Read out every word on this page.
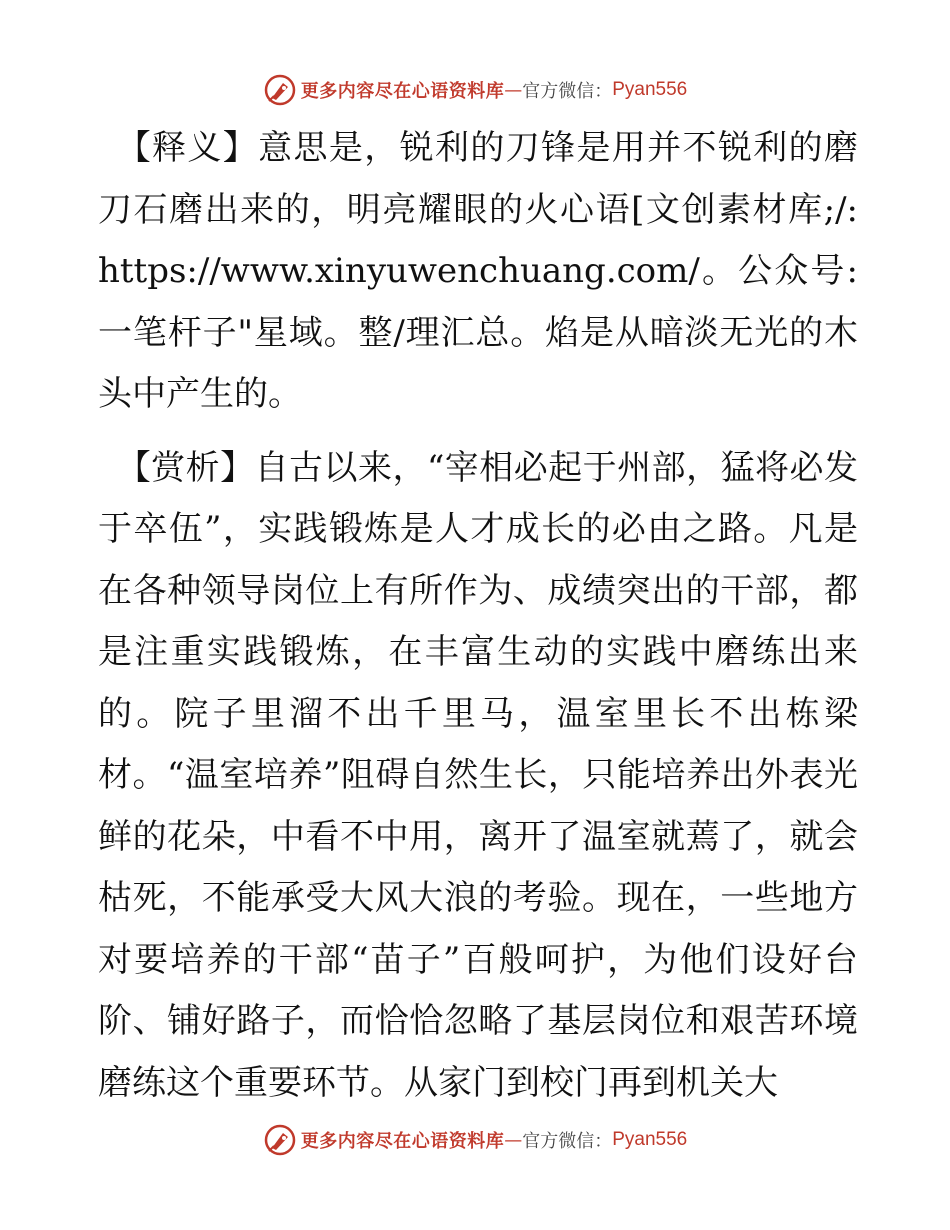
更多内容尽在心语资料库 — 官方微信： Pyan556

【释义】意思是，锐利的刀锋是用并不锐利的磨刀石磨出来的，明亮耀眼的火心语[文创素材库;/: https://www.xinyuwenchuang.com/。公众号: 一笔杆子"星域。整/理汇总。焰是从暗淡无光的木头中产生的。

【赏析】自古以来，“宰相必起于州部，猛将必发于卒伍”，实践锻炼是人才成长的必由之路。凡是在各种领导岗位上有所作为、成绩突出的干部，都是注重实践锻炼，在丰富生动的实践中磨练出来的。院子里溜不出千里马，温室里长不出栋梁材。“温室培养”阻碍自然生长，只能培养出外表光鲜的花朵，中看不中用，离开了温室就蔫了，就会枯死，不能承受大风大浪的考验。现在，一些地方对要培养的干部“苗子”百般呵护，为他们设好台阶、铺好路子，而恰恰忽略了基层岗位和艰苦环境磨练这个重要环节。从家门到校门再到机关大

更多内容尽在心语资料库 — 官方微信： Pyan556
